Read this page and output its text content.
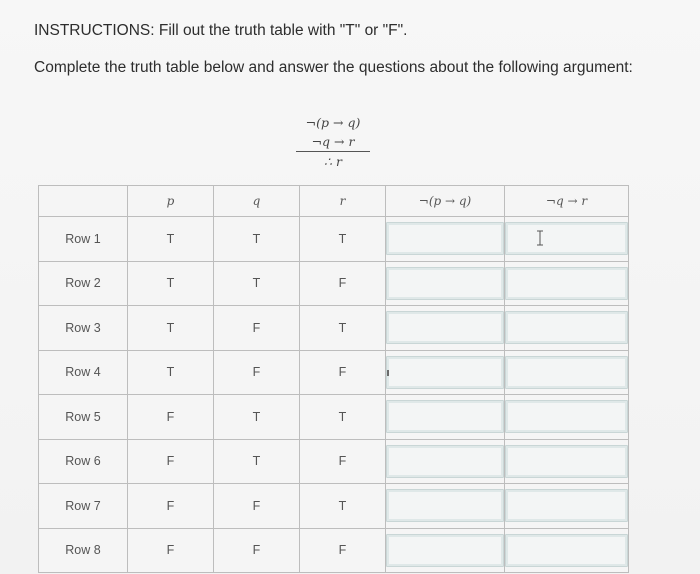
INSTRUCTIONS: Fill out the truth table with "T" or "F".
Complete the truth table below and answer the questions about the following argument:
¬(p → q)
¬q → r
∴ r
	p	q	r	¬(p → q)	¬q → r
Row 1	T	T	T	

Row 2	T	T	F	

Row 3	T	F	T	

Row 4	T	F	F	

Row 5	F	T	T	

Row 6	F	T	F	

Row 7	F	F	T	

Row 8	F	F	F	
